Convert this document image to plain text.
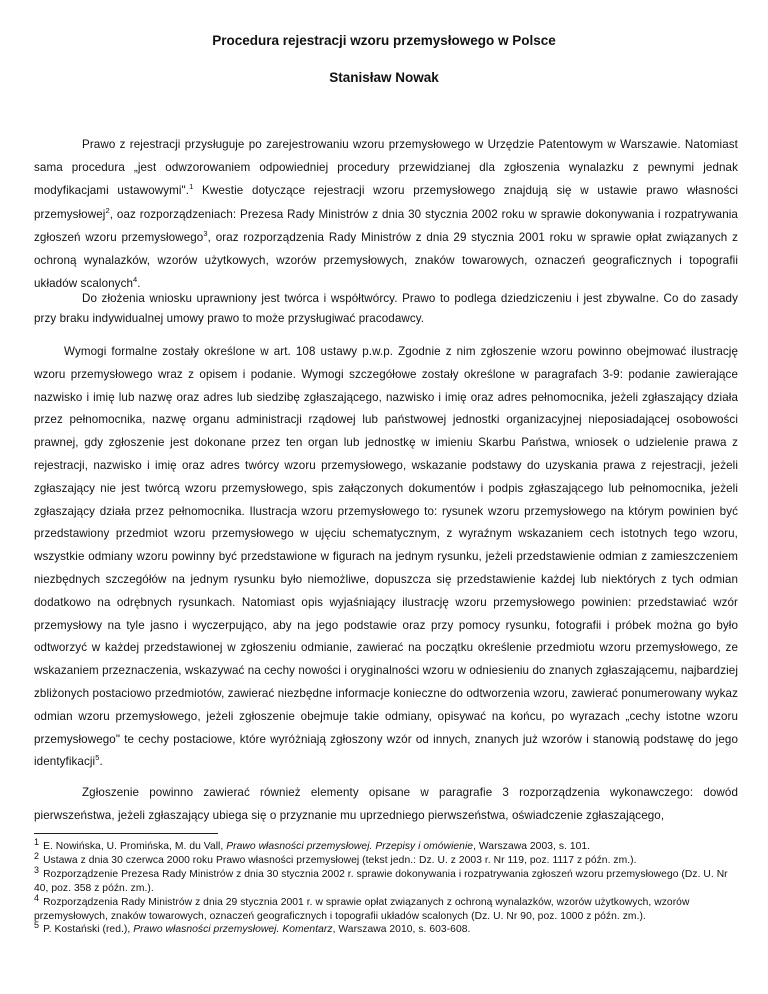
Procedura rejestracji wzoru przemysłowego w Polsce
Stanisław Nowak

Prawo z rejestracji przysługuje po zarejestrowaniu wzoru przemysłowego w Urzędzie Patentowym w Warszawie. Natomiast sama procedura „jest odwzorowaniem odpowiedniej procedury przewidzianej dla zgłoszenia wynalazku z pewnymi jednak modyfikacjami ustawowymi".$^1$ Kwestie dotyczące rejestracji wzoru przemysłowego znajdują się w ustawie prawo własności przemysłowej$^2$, oaz rozporządzeniach: Prezesa Rady Ministrów z dnia 30 stycznia 2002 roku w sprawie dokonywania i rozpatrywania zgłoszeń wzoru przemysłowego$^3$, oraz rozporządzenia Rady Ministrów z dnia 29 stycznia 2001 roku w sprawie opłat związanych z ochroną wynalazków, wzorów użytkowych, wzorów przemysłowych, znaków towarowych, oznaczeń geograficznych i topografii układów scalonych$^4$.

Do złożenia wniosku uprawniony jest twórca i współtwórcy. Prawo to podlega dziedziczeniu i jest zbywalne. Co do zasady przy braku indywidualnej umowy prawo to może przysługiwać pracodawcy.

Wymogi formalne zostały określone w art. 108 ustawy p.w.p. Zgodnie z nim zgłoszenie wzoru powinno obejmować ilustrację wzoru przemysłowego wraz z opisem i podanie. Wymogi szczegółowe zostały określone w paragrafach 3-9: podanie zawierające nazwisko i imię lub nazwę oraz adres lub siedzibę zgłaszającego, nazwisko i imię oraz adres pełnomocnika, jeżeli zgłaszający działa przez pełnomocnika, nazwę organu administracji rządowej lub państwowej jednostki organizacyjnej nieposiadającej osobowości prawnej, gdy zgłoszenie jest dokonane przez ten organ lub jednostkę w imieniu Skarbu Państwa, wniosek o udzielenie prawa z rejestracji, nazwisko i imię oraz adres twórcy wzoru przemysłowego, wskazanie podstawy do uzyskania prawa z rejestracji, jeżeli zgłaszający nie jest twórcą wzoru przemysłowego, spis załączonych dokumentów i podpis zgłaszającego lub pełnomocnika, jeżeli zgłaszający działa przez pełnomocnika. Ilustracja wzoru przemysłowego to: rysunek wzoru przemysłowego na którym powinien być przedstawiony przedmiot wzoru przemysłowego w ujęciu schematycznym, z wyraźnym wskazaniem cech istotnych tego wzoru, wszystkie odmiany wzoru powinny być przedstawione w figurach na jednym rysunku, jeżeli przedstawienie odmian z zamieszczeniem niezbędnych szczegółów na jednym rysunku było niemożliwe, dopuszcza się przedstawienie każdej lub niektórych z tych odmian dodatkowo na odrębnych rysunkach. Natomiast opis wyjaśniający ilustrację wzoru przemysłowego powinien: przedstawiać wzór przemysłowy na tyle jasno i wyczerpująco, aby na jego podstawie oraz przy pomocy rysunku, fotografii i próbek można go było odtworzyć w każdej przedstawionej w zgłoszeniu odmianie, zawierać na początku określenie przedmiotu wzoru przemysłowego, ze wskazaniem przeznaczenia, wskazywać na cechy nowości i oryginalności wzoru w odniesieniu do znanych zgłaszającemu, najbardziej zbliżonych postaciowo przedmiotów, zawierać niezbędne informacje konieczne do odtworzenia wzoru, zawierać ponumerowany wykaz odmian wzoru przemysłowego, jeżeli zgłoszenie obejmuje takie odmiany, opisywać na końcu, po wyrazach „cechy istotne wzoru przemysłowego" te cechy postaciowe, które wyróżniają zgłoszony wzór od innych, znanych już wzorów i stanowią podstawę do jego identyfikacji$^5$.

Zgłoszenie powinno zawierać również elementy opisane w paragrafie 3 rozporządzenia wykonawczego: dowód pierwszeństwa, jeżeli zgłaszający ubiega się o przyznanie mu uprzedniego pierwszeństwa, oświadczenie zgłaszającego,

1 E. Nowińska, U. Promińska, M. du Vall, Prawo własności przemysłowej. Przepisy i omówienie, Warszawa 2003, s. 101.
2 Ustawa z dnia 30 czerwca 2000 roku Prawo własności przemysłowej (tekst jedn.: Dz. U. z 2003 r. Nr 119, poz. 1117 z późn. zm.).
3 Rozporządzenie Prezesa Rady Ministrów z dnia 30 stycznia 2002 r. sprawie dokonywania i rozpatrywania zgłoszeń wzoru przemysłowego (Dz. U. Nr 40, poz. 358 z późn. zm.).
4 Rozporządzenia Rady Ministrów z dnia 29 stycznia 2001 r. w sprawie opłat związanych z ochroną wynalazków, wzorów użytkowych, wzorów przemysłowych, znaków towarowych, oznaczeń geograficznych i topografii układów scalonych (Dz. U. Nr 90, poz. 1000 z późn. zm.).
5 P. Kostański (red.), Prawo własności przemysłowej. Komentarz, Warszawa 2010, s. 603-608.
